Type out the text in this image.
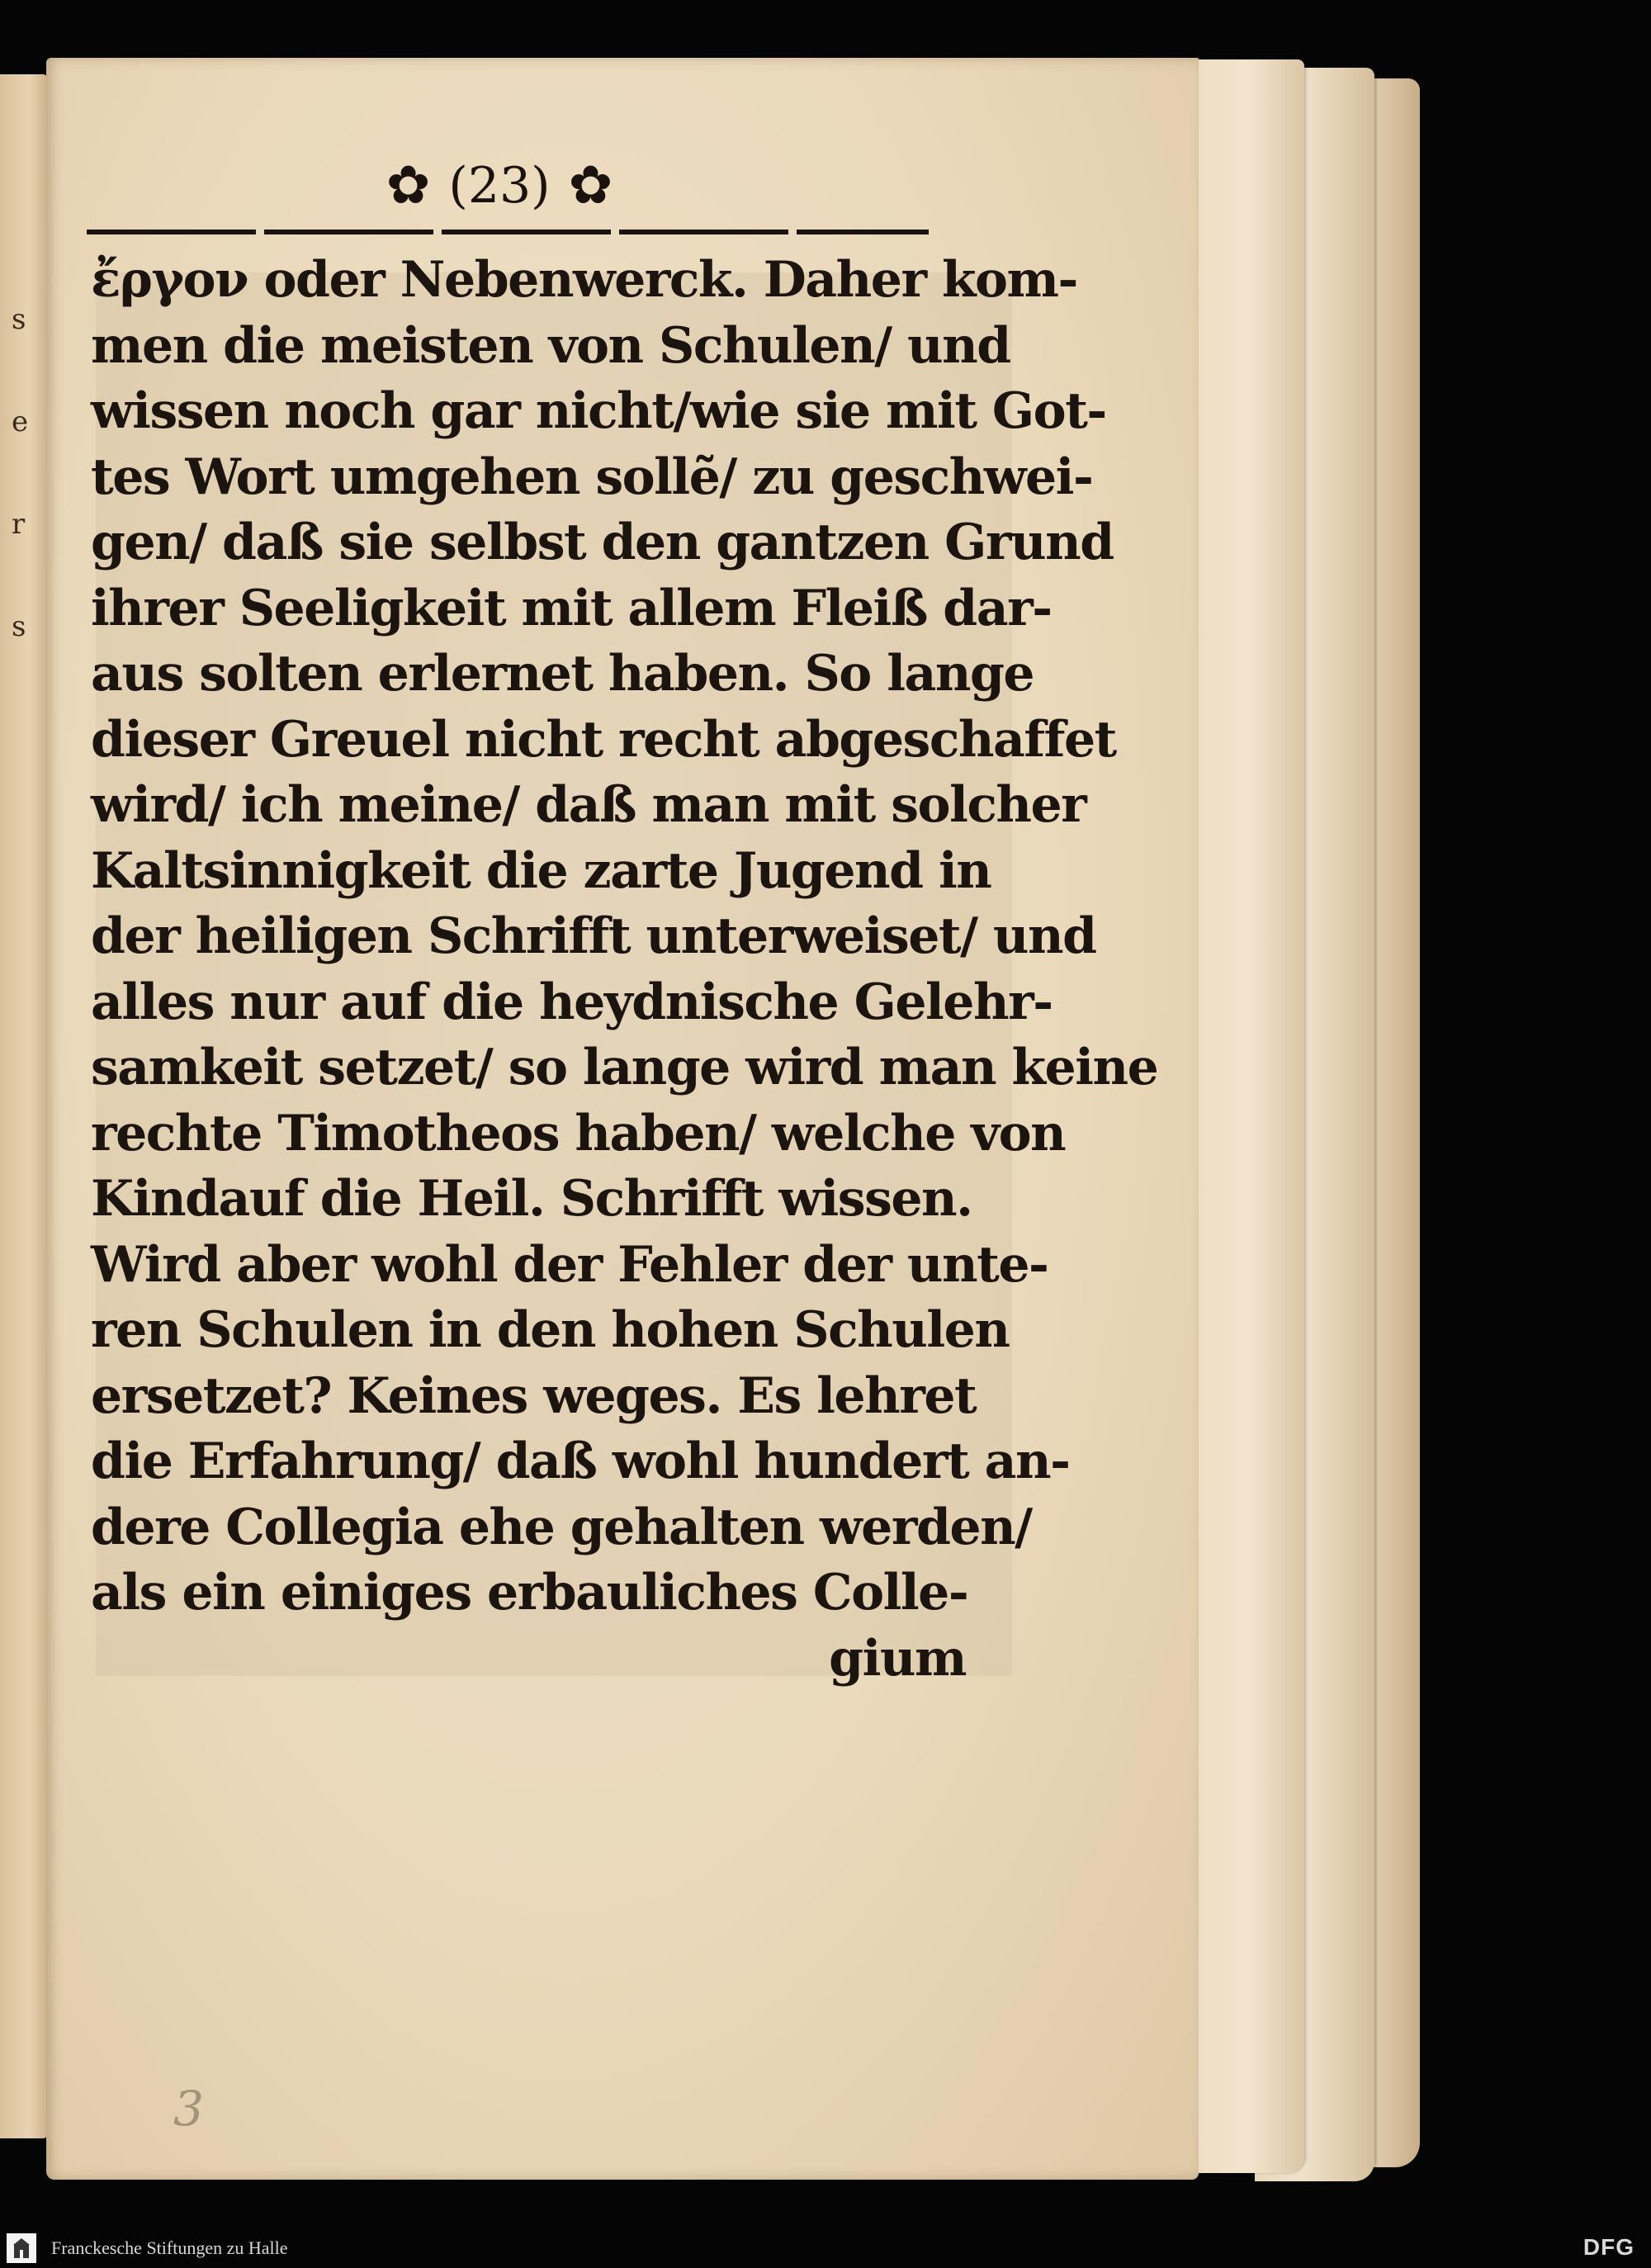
s
e
r
s
✿ (23) ✿
ἔργον oder Nebenwerck. Daher kom-
men die meisten von Schulen/ und
wissen noch gar nicht/wie sie mit Got-
tes Wort umgehen sollẽ/ zu geschwei-
gen/ daß sie selbst den gantzen Grund
ihrer Seeligkeit mit allem Fleiß dar-
aus solten erlernet haben. So lange
dieser Greuel nicht recht abgeschaffet
wird/ ich meine/ daß man mit solcher
Kaltsinnigkeit die zarte Jugend in
der heiligen Schrifft unterweiset/ und
alles nur auf die heydnische Gelehr-
samkeit setzet/ so lange wird man keine
rechte Timotheos haben/ welche von
Kindauf die Heil. Schrifft wissen.
Wird aber wohl der Fehler der unte-
ren Schulen in den hohen Schulen
ersetzet? Keines weges. Es lehret
die Erfahrung/ daß wohl hundert an-
dere Collegia ehe gehalten werden/
als ein einiges erbauliches Colle-
gium
3
Franckesche Stiftungen zu Halle	DFG
